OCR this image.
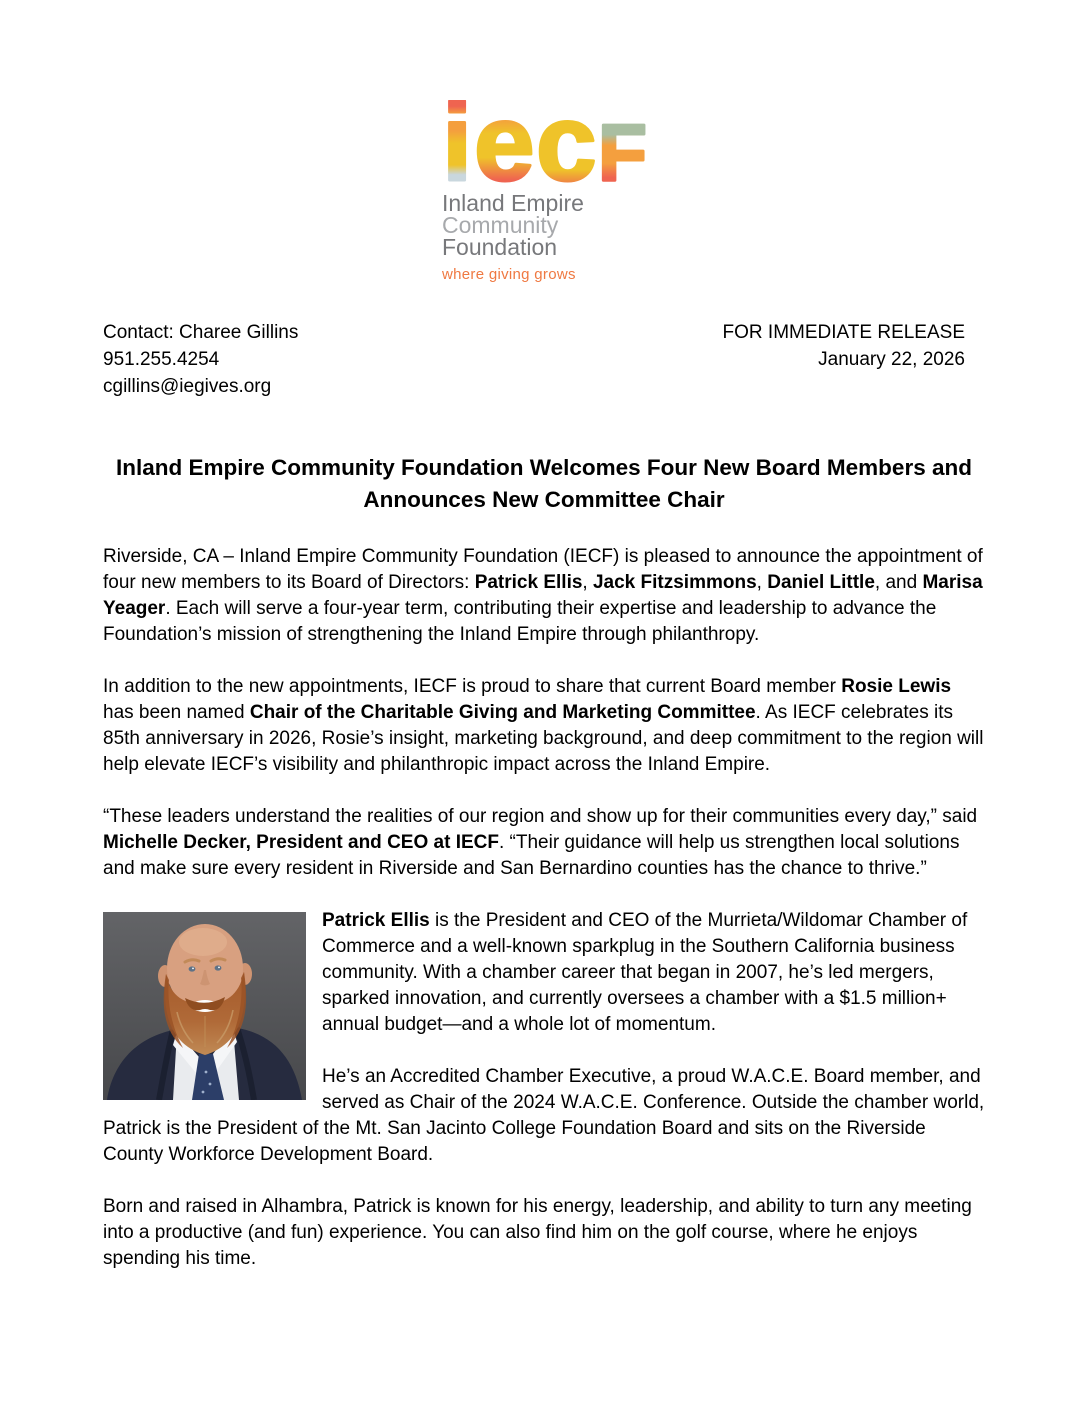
i e c F
Inland Empire
Community
Foundation
where giving grows
Contact: Charee Gillins
951.255.4254
cgillins@iegives.org
FOR IMMEDIATE RELEASE
January 22, 2026
Inland Empire Community Foundation Welcomes Four New Board Members and
Announces New Committee Chair

Riverside, CA – Inland Empire Community Foundation (IECF) is pleased to announce the appointment of four new members to its Board of Directors: Patrick Ellis, Jack Fitzsimmons, Daniel Little, and Marisa Yeager. Each will serve a four-year term, contributing their expertise and leadership to advance the Foundation’s mission of strengthening the Inland Empire through philanthropy.

In addition to the new appointments, IECF is proud to share that current Board member Rosie Lewis has been named Chair of the Charitable Giving and Marketing Committee. As IECF celebrates its 85th anniversary in 2026, Rosie’s insight, marketing background, and deep commitment to the region will help elevate IECF’s visibility and philanthropic impact across the Inland Empire.

“These leaders understand the realities of our region and show up for their communities every day,” said Michelle Decker, President and CEO at IECF. “Their guidance will help us strengthen local solutions and make sure every resident in Riverside and San Bernardino counties has the chance to thrive.”

Patrick Ellis is the President and CEO of the Murrieta/Wildomar Chamber of Commerce and a well-known sparkplug in the Southern California business community. With a chamber career that began in 2007, he’s led mergers, sparked innovation, and currently oversees a chamber with a $1.5 million+ annual budget—and a whole lot of momentum.

He’s an Accredited Chamber Executive, a proud W.A.C.E. Board member, and served as Chair of the 2024 W.A.C.E. Conference. Outside the chamber world, Patrick is the President of the Mt. San Jacinto College Foundation Board and sits on the Riverside County Workforce Development Board.

Born and raised in Alhambra, Patrick is known for his energy, leadership, and ability to turn any meeting into a productive (and fun) experience. You can also find him on the golf course, where he enjoys spending his time.
